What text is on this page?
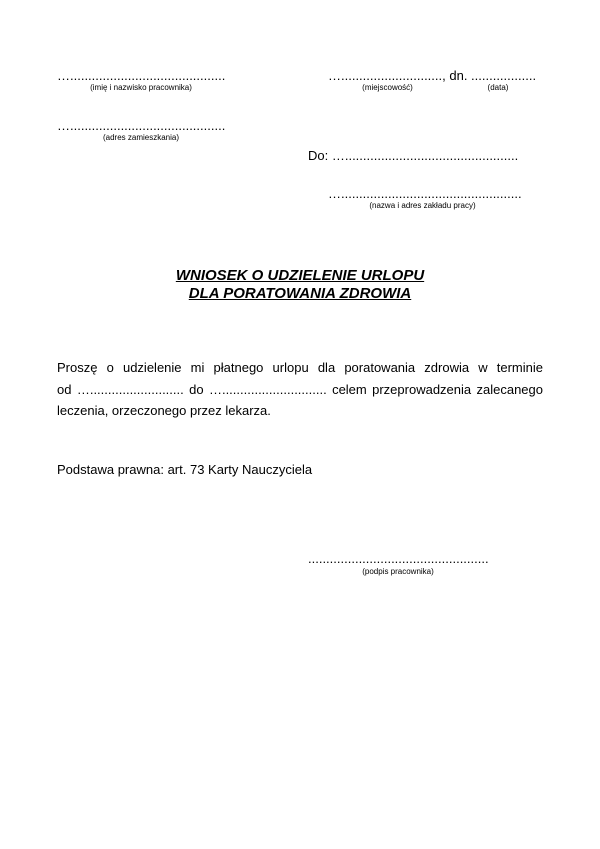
…...........................................
(imię i nazwisko pracownika)
…............................, dn. ..................
(miejscowość)	(data)
…...........................................
(adres zamieszkania)
Do: …................................................
…..................................................
(nazwa i adres zakładu pracy)
WNIOSEK O UDZIELENIE URLOPU
DLA PORATOWANIA ZDROWIA
Proszę o udzielenie mi płatnego urlopu dla poratowania zdrowia w terminie
od ….......................... do …............................. celem przeprowadzenia zalecanego
leczenia, orzeczonego przez lekarza.
Podstawa prawna: art. 73 Karty Nauczyciela
..................................................
(podpis pracownika)
